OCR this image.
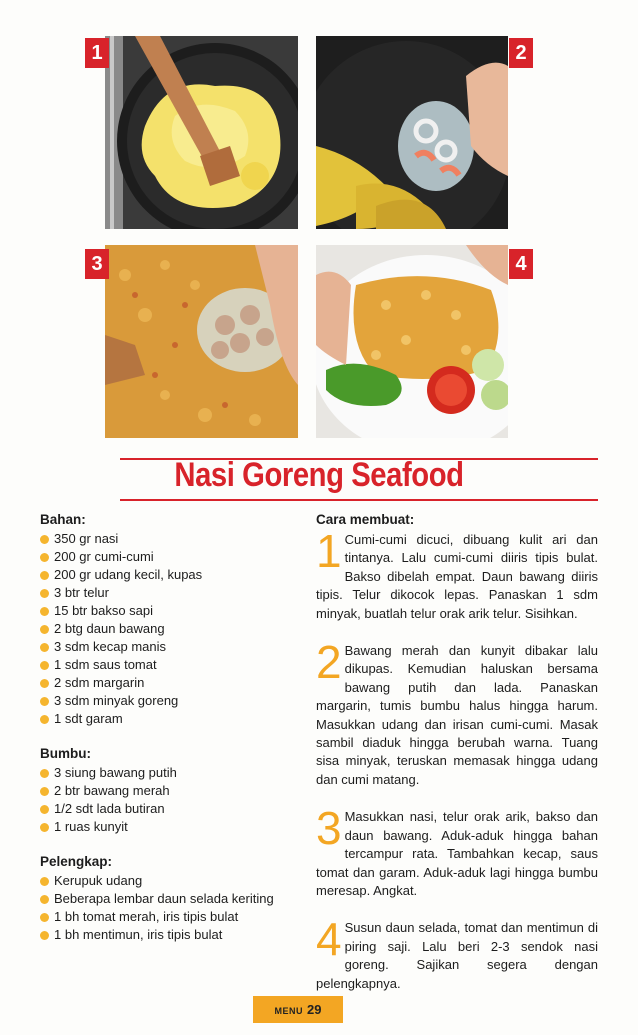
1	2
3	4
Nasi Goreng Seafood
Bahan:
350 gr nasi
200 gr cumi-cumi
200 gr udang kecil, kupas
3 btr telur
15 btr bakso sapi
2 btg daun bawang
3 sdm kecap manis
1 sdm saus tomat
2 sdm margarin
3 sdm minyak goreng
1 sdt garam
Bumbu:
3 siung bawang putih
2 btr bawang merah
1/2 sdt lada butiran
1 ruas kunyit
Pelengkap:
Kerupuk udang
Beberapa lembar daun selada keriting
1 bh tomat merah, iris tipis bulat
1 bh mentimun, iris tipis bulat
Cara membuat:
1 Cumi-cumi dicuci, dibuang kulit ari dan tintanya. Lalu cumi-cumi diiris tipis bulat. Bakso dibelah empat. Daun bawang diiris tipis. Telur dikocok lepas. Panaskan 1 sdm minyak, buatlah telur orak arik telur. Sisihkan.
2 Bawang merah dan kunyit dibakar lalu dikupas. Kemudian haluskan bersama bawang putih dan lada. Panaskan margarin, tumis bumbu halus hingga harum. Masukkan udang dan irisan cumi-cumi. Masak sambil diaduk hingga berubah warna. Tuang sisa minyak, teruskan memasak hingga udang dan cumi matang.
3 Masukkan nasi, telur orak arik, bakso dan daun bawang. Aduk-aduk hingga bahan tercampur rata. Tambahkan kecap, saus tomat dan garam. Aduk-aduk lagi hingga bumbu meresap. Angkat.
4 Susun daun selada, tomat dan mentimun di piring saji. Lalu beri 2-3 sendok nasi goreng. Sajikan segera dengan pelengkapnya.
MENU 29
